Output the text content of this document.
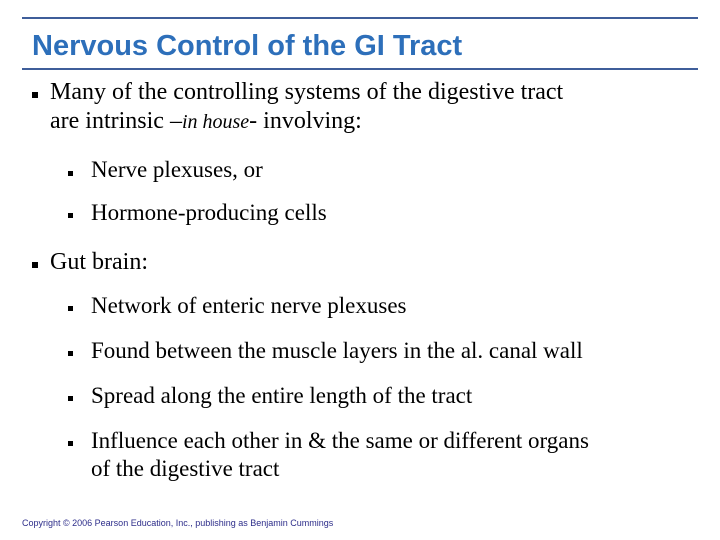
Nervous Control of the GI Tract

Many of the controlling systems of the digestive tract

are intrinsic –in house- involving:

Nerve plexuses, or

Hormone-producing cells

Gut brain:

Network of enteric nerve plexuses

Found between the muscle layers in the al. canal wall

Spread along the entire length of the tract

Influence each other in & the same or different organs

of the digestive tract

Copyright © 2006 Pearson Education, Inc., publishing as Benjamin Cummings
